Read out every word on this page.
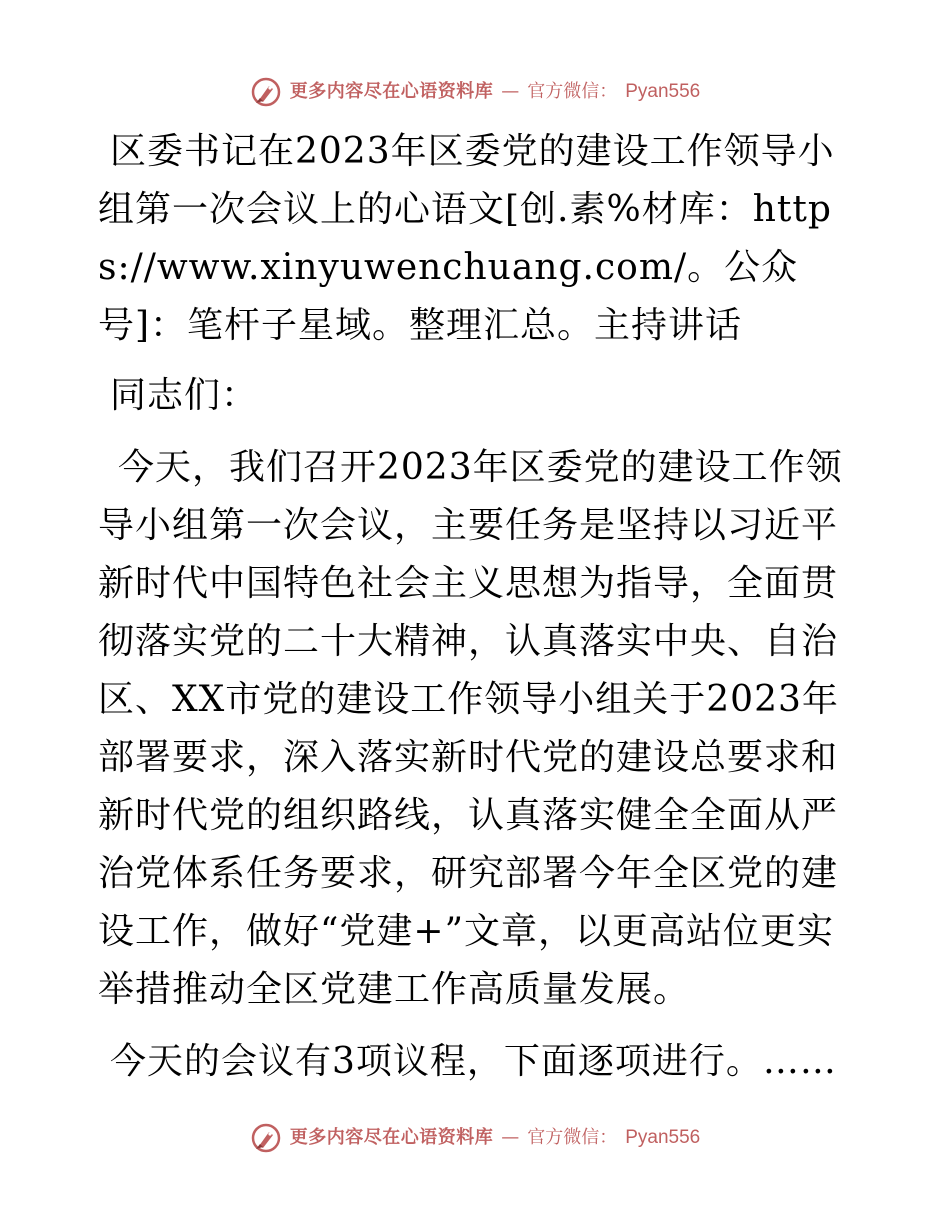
更多内容尽在心语资料库 — 官方微信： Pyan556

区委书记在2023年区委党的建设工作领导小组第一次会议上的心语文[创.素%材库：https://www.xinyuwenchuang.com/。公众号]：笔杆子星域。整理汇总。主持讲话

同志们：

今天，我们召开2023年区委党的建设工作领导小组第一次会议，主要任务是坚持以习近平新时代中国特色社会主义思想为指导，全面贯彻落实党的二十大精神，认真落实中央、自治区、XX市党的建设工作领导小组关于2023年部署要求，深入落实新时代党的建设总要求和新时代党的组织路线，认真落实健全全面从严治党体系任务要求，研究部署今年全区党的建设工作，做好“党建+”文章，以更高站位更实举措推动全区党建工作高质量发展。

今天的会议有3项议程，下面逐项进行。……

更多内容尽在心语资料库 — 官方微信： Pyan556
